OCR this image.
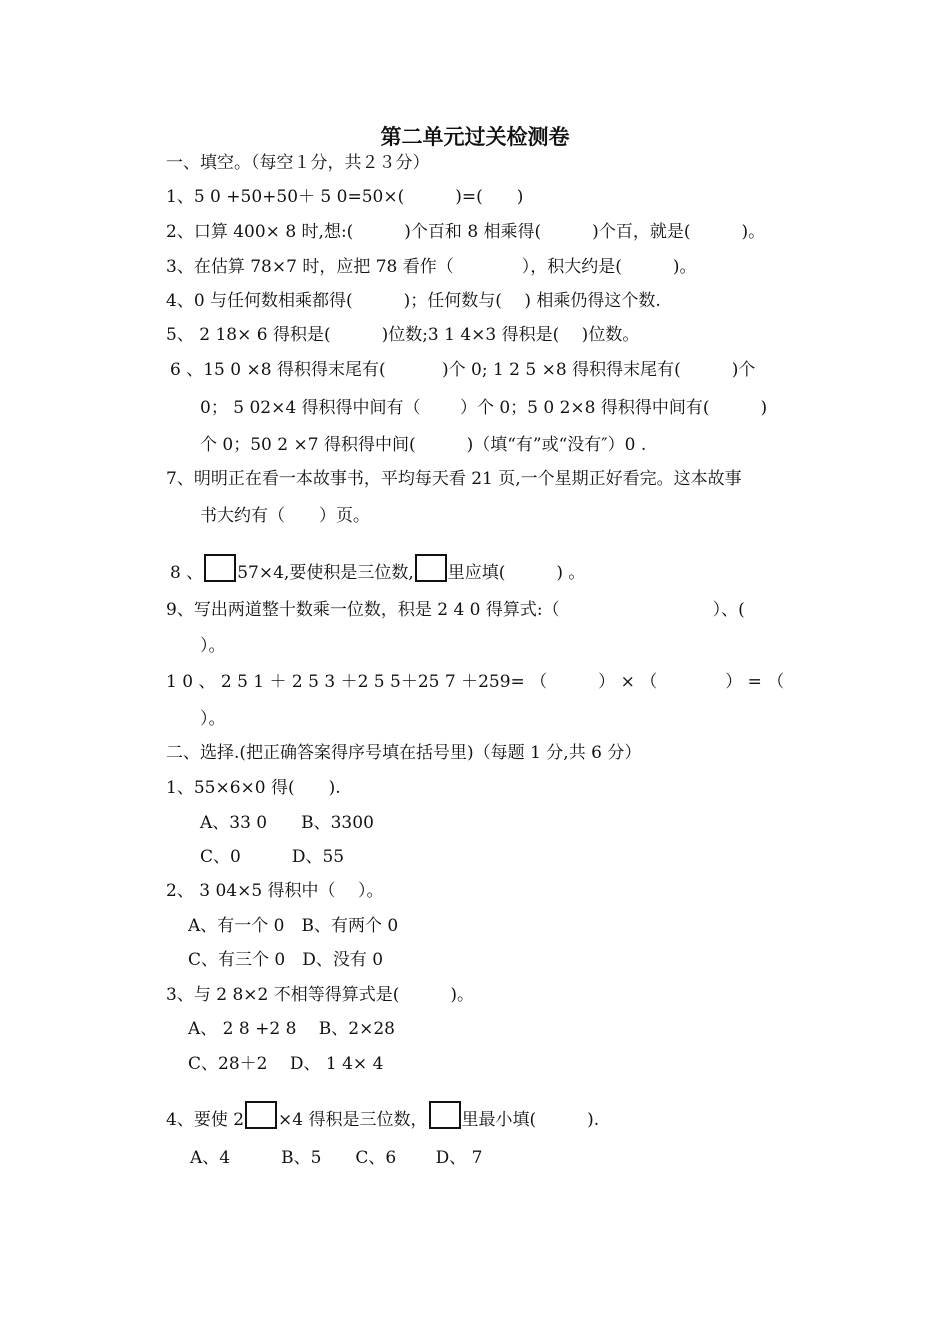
第二单元过关检测卷
一、填空。（每空１分，共２３分）
1、5 0 +50+50＋ 5 0=50×(　　　)=(　　)
2、口算 400× 8 时,想:(　　　)个百和 8 相乘得(　　　)个百，就是(　　　)。
3、在估算 78×7 时，应把 78 看作（　　　　），积大约是(　　　)。
4、0 与任何数相乘都得(　　　)；任何数与(　 ) 相乘仍得这个数.
5、 2 18× 6 得积是(　　　)位数;3 1 4×3 得积是( 　)位数。
6 、15 0 ×8 得积得末尾有(　　　 )个 0; 1 2 5 ×8 得积得末尾有(　　　)个
0； 5 02×4 得积得中间有（　　 ）个 0；5 0 2×8 得积得中间有(　　　)
个 0；50 2 ×7 得积得中间(　　　)（填“有”或“没有″）0 .
7、明明正在看一本故事书，平均每天看 21 页,一个星期正好看完。这本故事
书大约有（　　）页。
8 、 57×4,要使积是三位数, 里应填(　　　) 。
9、写出两道整十数乘一位数，积是 2 4 0 得算式:（　　　　　　　　　）、(
）。
1 0 、 2 5 1 ＋ 2 5 3 ＋2 5 5＋25 7 ＋259= （　　　） × （　　　　） = （
）。
二、选择.(把正确答案得序号填在括号里)（每题 1 分,共 6 分）
1、55×6×0 得(　　).
A、33 0　　B、3300
C、0　　　D、55
2、 3 04×5 得积中（　 ）。
A、有一个 0　B、有两个 0
C、有三个 0　D、没有 0
3、与 2 8×2 不相等得算式是(　　　)。
A、 2 8 +2 8　 B、2×28
C、28＋2　 D、 1 4× 4
4、要使 2 ×4 得积是三位数， 里最小填(　　　).
A、4　　　B、5　　C、6　　 D、 7
